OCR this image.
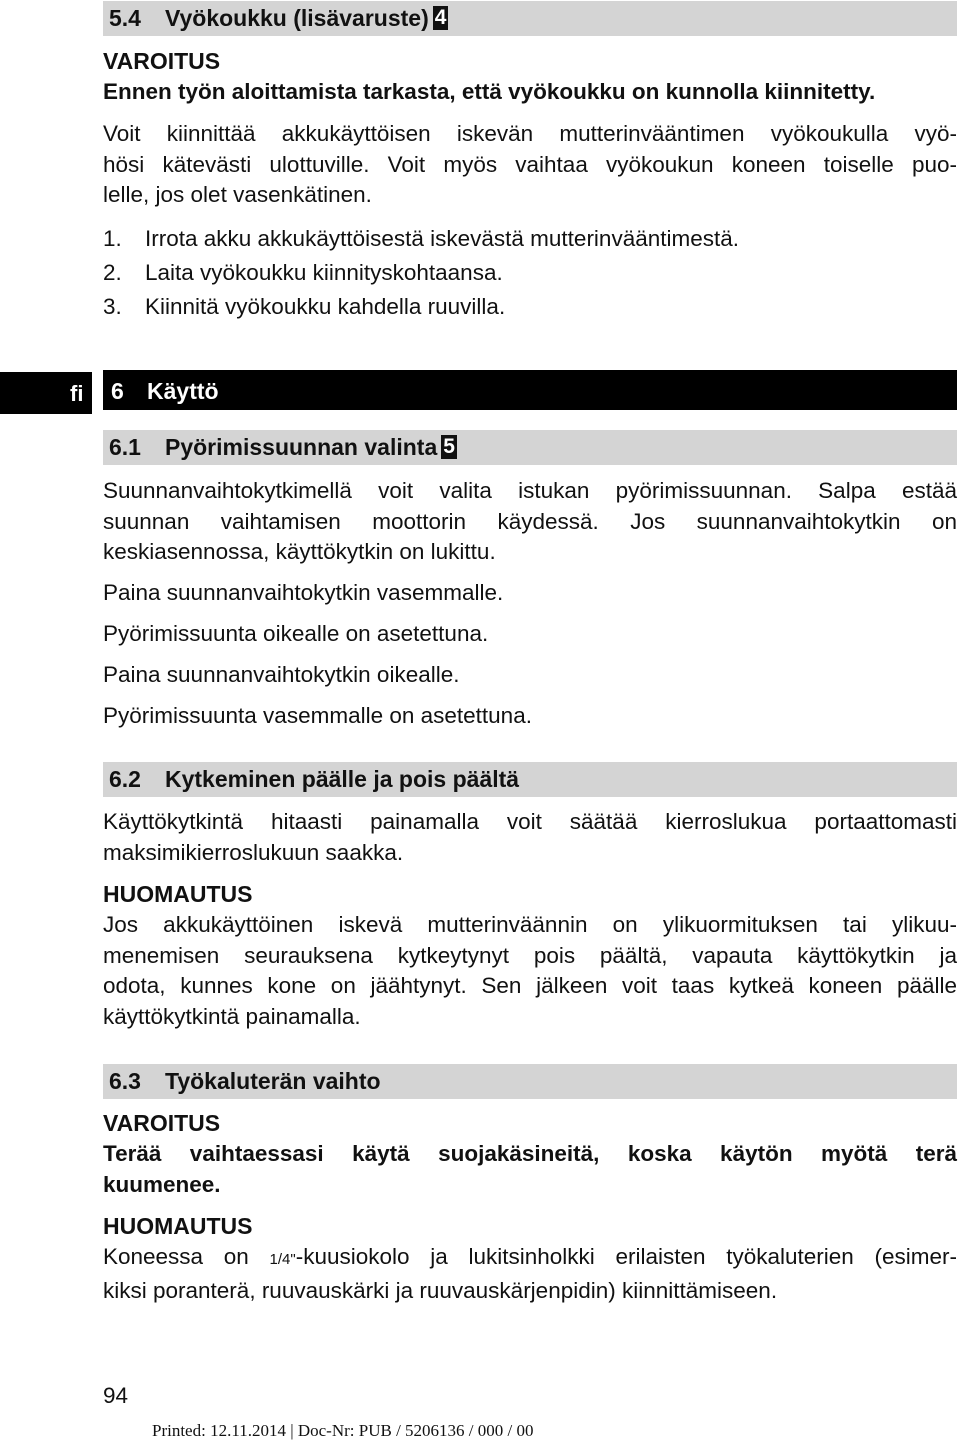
5.4 Vyökoukku (lisävaruste) 4
VAROITUS
Ennen työn aloittamista tarkasta, että vyökoukku on kunnolla kiinnitetty.
Voit kiinnittää akkukäyttöisen iskevän mutterinvääntimen vyökoukulla vyö-
hösi kätevästi ulottuville. Voit myös vaihtaa vyökoukun koneen toiselle puo-
lelle, jos olet vasenkätinen.
1. Irrota akku akkukäyttöisestä iskevästä mutterinvääntimestä.
2. Laita vyökoukku kiinnityskohtaansa.
3. Kiinnitä vyökoukku kahdella ruuvilla.
fi	6 Käyttö
6.1 Pyörimissuunnan valinta 5
Suunnanvaihtokytkimellä voit valita istukan pyörimissuunnan. Salpa estää
suunnan vaihtamisen moottorin käydessä. Jos suunnanvaihtokytkin on
keskiasennossa, käyttökytkin on lukittu.
Paina suunnanvaihtokytkin vasemmalle.
Pyörimissuunta oikealle on asetettuna.
Paina suunnanvaihtokytkin oikealle.
Pyörimissuunta vasemmalle on asetettuna.
6.2 Kytkeminen päälle ja pois päältä
Käyttökytkintä hitaasti painamalla voit säätää kierroslukua portaattomasti
maksimikierroslukuun saakka.
HUOMAUTUS
Jos akkukäyttöinen iskevä mutterinväännin on ylikuormituksen tai ylikuu-
menemisen seurauksena kytkeytynyt pois päältä, vapauta käyttökytkin ja
odota, kunnes kone on jäähtynyt. Sen jälkeen voit taas kytkeä koneen päälle
käyttökytkintä painamalla.
6.3 Työkaluterän vaihto
VAROITUS
Terää vaihtaessasi käytä suojakäsineitä, koska käytön myötä terä
kuumenee.
HUOMAUTUS
Koneessa on 1/4"-kuusiokolo ja lukitsinholkki erilaisten työkaluterien (esimer-
kiksi poranterä, ruuvauskärki ja ruuvauskärjenpidin) kiinnittämiseen.
94
Printed: 12.11.2014 | Doc-Nr: PUB / 5206136 / 000 / 00
